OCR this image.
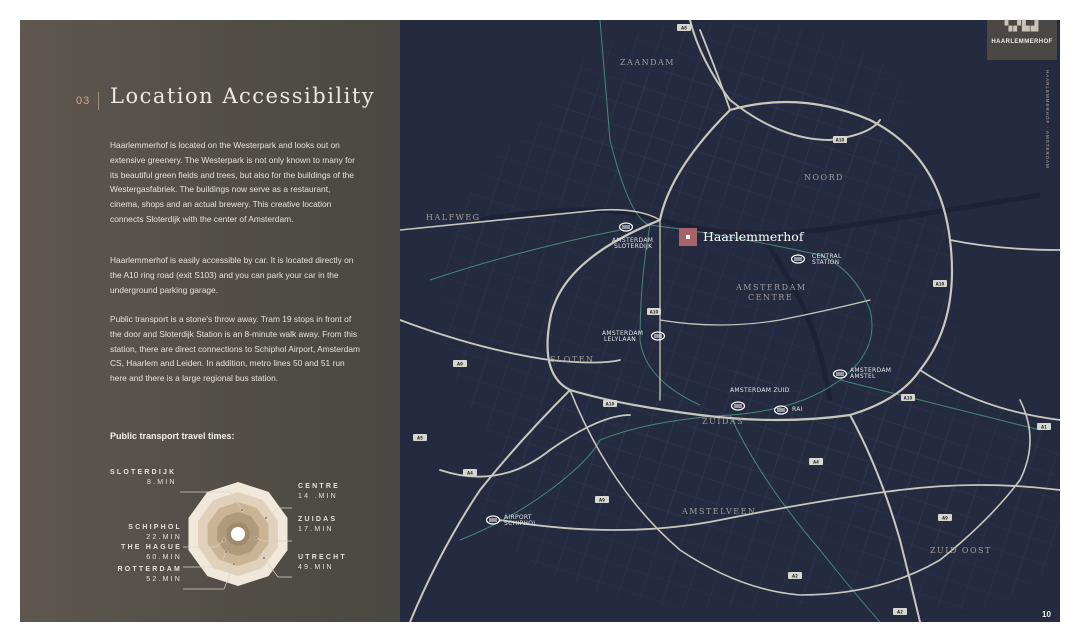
03 Location Accessibility

Haarlemmerhof is located on the Westerpark and looks out on extensive greenery. The Westerpark is not only known to many for its beautiful green fields and trees, but also for the buildings of the Westergasfabriek. The buildings now serve as a restaurant, cinema, shops and an actual brewery. This creative location connects Sloterdijk with the center of Amsterdam.

Haarlemmerhof is easily accessible by car. It is located directly on the A10 ring road (exit S103) and you can park your car in the underground parking garage.

Public transport is a stone's throw away. Tram 19 stops in front of the door and Sloterdijk Station is an 8-minute walk away. From this station, there are direct connections to Schiphol Airport, Amsterdam CS, Haarlem and Leiden. In addition, metro lines 50 and 51 run here and there is a large regional bus station.

Public transport travel times:
SLOTERDIJK
8.MIN
CENTRE
14 .MIN
ZUIDAS
17.MIN
SCHIPHOL
22.MIN
THE HAGUE
60.MIN	UTRECHT
49.MIN
ROTTERDAM
52.MIN
A8
A10
A10
A10
A10
A5
A4
A9
A2
A1
A9
A10
A4
A2
A9
ZAANDAM
NOORD
HALFWEG
AMSTERDAM
CENTRE
SLOTEN
ZUIDAS
AMSTELVEEN
ZUID OOST
AMSTERDAM
SLOTERDIJK
CENTRAL
STATION
AMSTERDAM
LELYLAAN
AMSTERDAM
AMSTEL
AMSTERDAM ZUID
RAI
AIRPORT
SCHIPHOL
Haarlemmerhof
▚▞▙▟
HAARLEMMERHOF
HAARLEMMERHOF · AMSTERDAM
10
